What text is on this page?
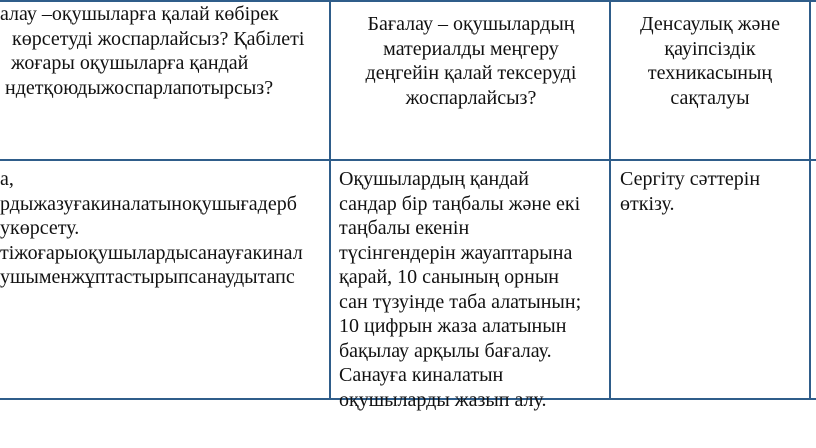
алау –оқушыларға қалай көбірек
көрсетуді жоспарлайсыз? Қабілеті
жоғары оқушыларға қандай
ндетқоюдыжоспарлапотырсыз?
Бағалау – оқушылардың
материалды меңгеру
деңгейін қалай тексеруді
жоспарлайсыз?
Денсаулық және
қауіпсіздік
техникасының
сақталуы
а,
рдыжазуғакиналатыноқушығадерб
укөрсету.
тіжоғарыоқушылардысанауғакинал
ушыменжұптастырыпсанаудытапс
Оқушылардың қандай
сандар бір таңбалы және екі
таңбалы екенін
түсінгендерін жауаптарына
қарай, 10 санының орнын
сан түзуінде таба алатынын;
10 цифрын жаза алатынын
бақылау арқылы бағалау.
Санауға киналатын
оқушыларды жазып алу.
Сергіту сәттерін
өткізу.
